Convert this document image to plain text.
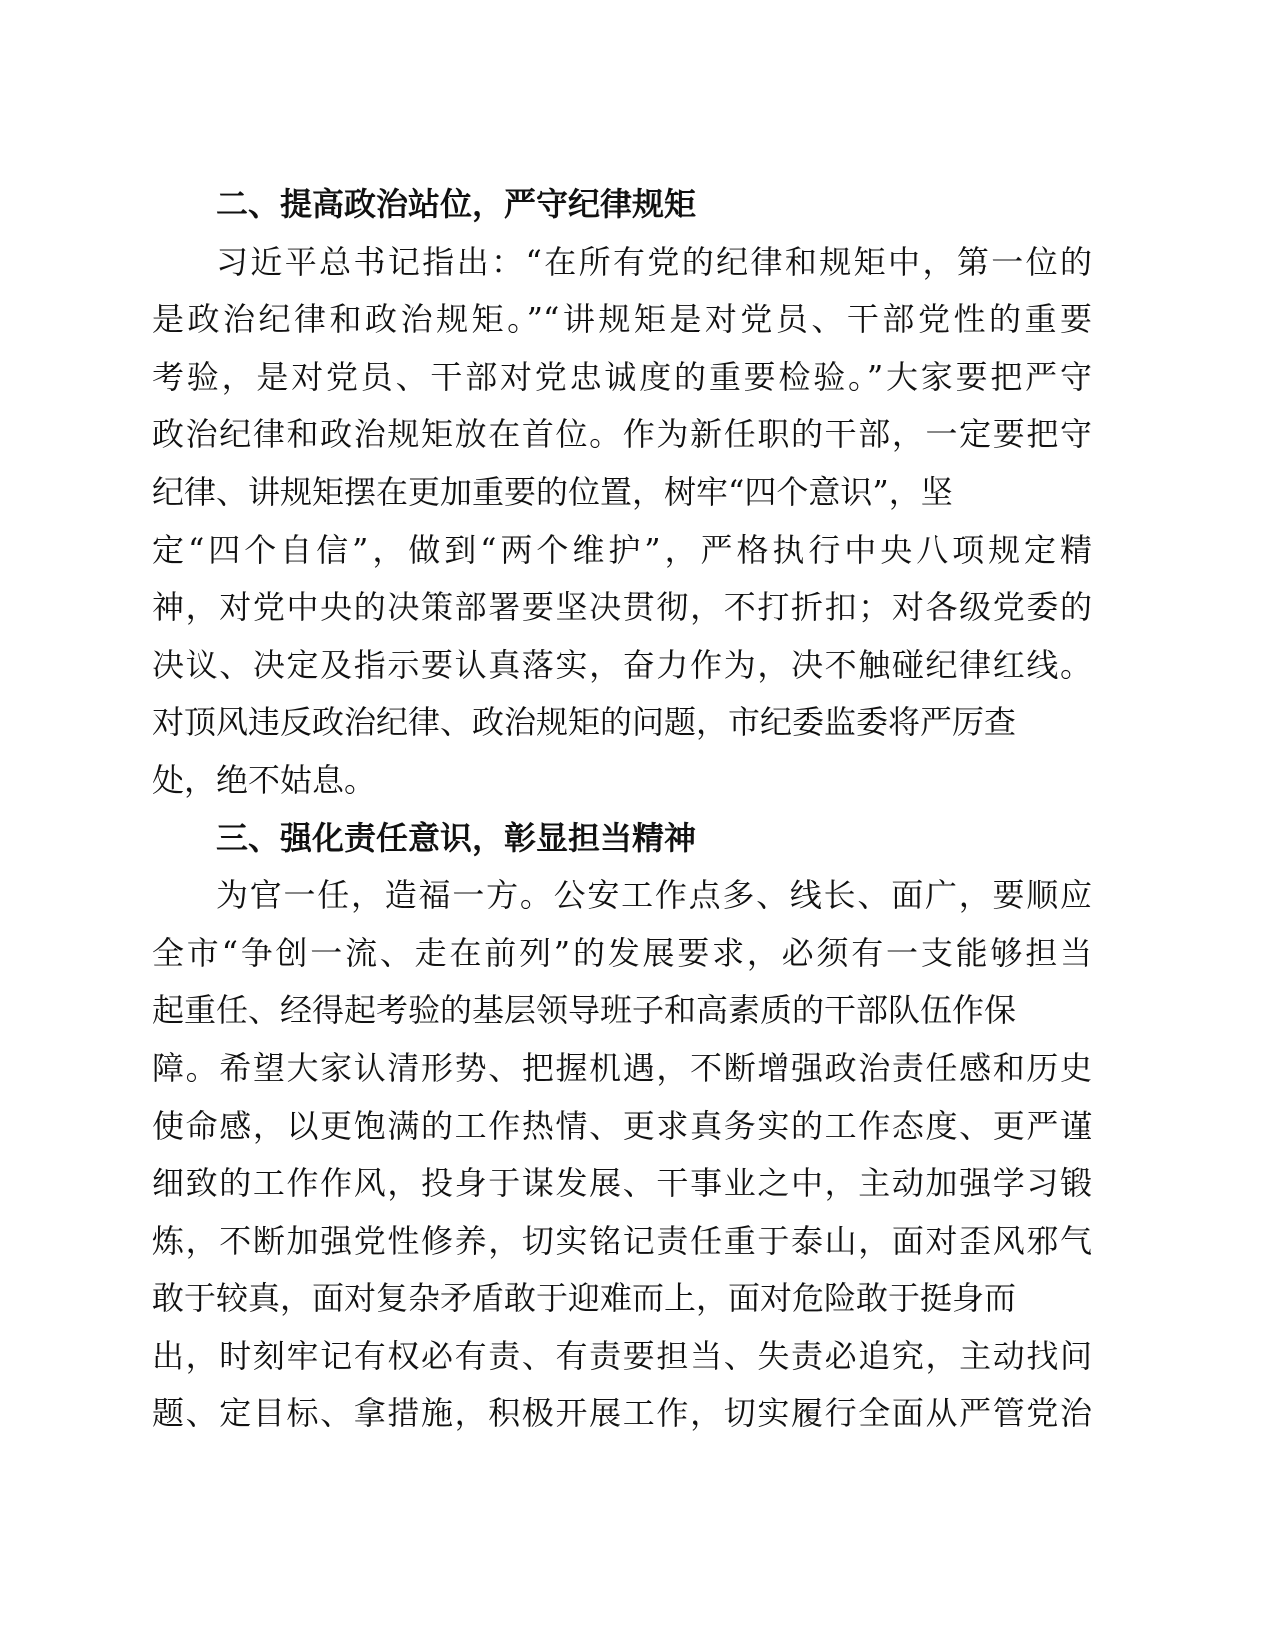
二、提高政治站位，严守纪律规矩
习近平总书记指出：“在所有党的纪律和规矩中，第一位的
是政治纪律和政治规矩。”“讲规矩是对党员、干部党性的重要
考验，是对党员、干部对党忠诚度的重要检验。”大家要把严守
政治纪律和政治规矩放在首位。作为新任职的干部，一定要把守
纪律、讲规矩摆在更加重要的位置，树牢“四个意识”，坚
定“四个自信”，做到“两个维护”，严格执行中央八项规定精
神，对党中央的决策部署要坚决贯彻，不打折扣；对各级党委的
决议、决定及指示要认真落实，奋力作为，决不触碰纪律红线。
对顶风违反政治纪律、政治规矩的问题，市纪委监委将严厉查
处，绝不姑息。
三、强化责任意识，彰显担当精神
为官一任，造福一方。公安工作点多、线长、面广，要顺应
全市“争创一流、走在前列”的发展要求，必须有一支能够担当
起重任、经得起考验的基层领导班子和高素质的干部队伍作保
障。希望大家认清形势、把握机遇，不断增强政治责任感和历史
使命感，以更饱满的工作热情、更求真务实的工作态度、更严谨
细致的工作作风，投身于谋发展、干事业之中，主动加强学习锻
炼，不断加强党性修养，切实铭记责任重于泰山，面对歪风邪气
敢于较真，面对复杂矛盾敢于迎难而上，面对危险敢于挺身而
出，时刻牢记有权必有责、有责要担当、失责必追究，主动找问
题、定目标、拿措施，积极开展工作，切实履行全面从严管党治
